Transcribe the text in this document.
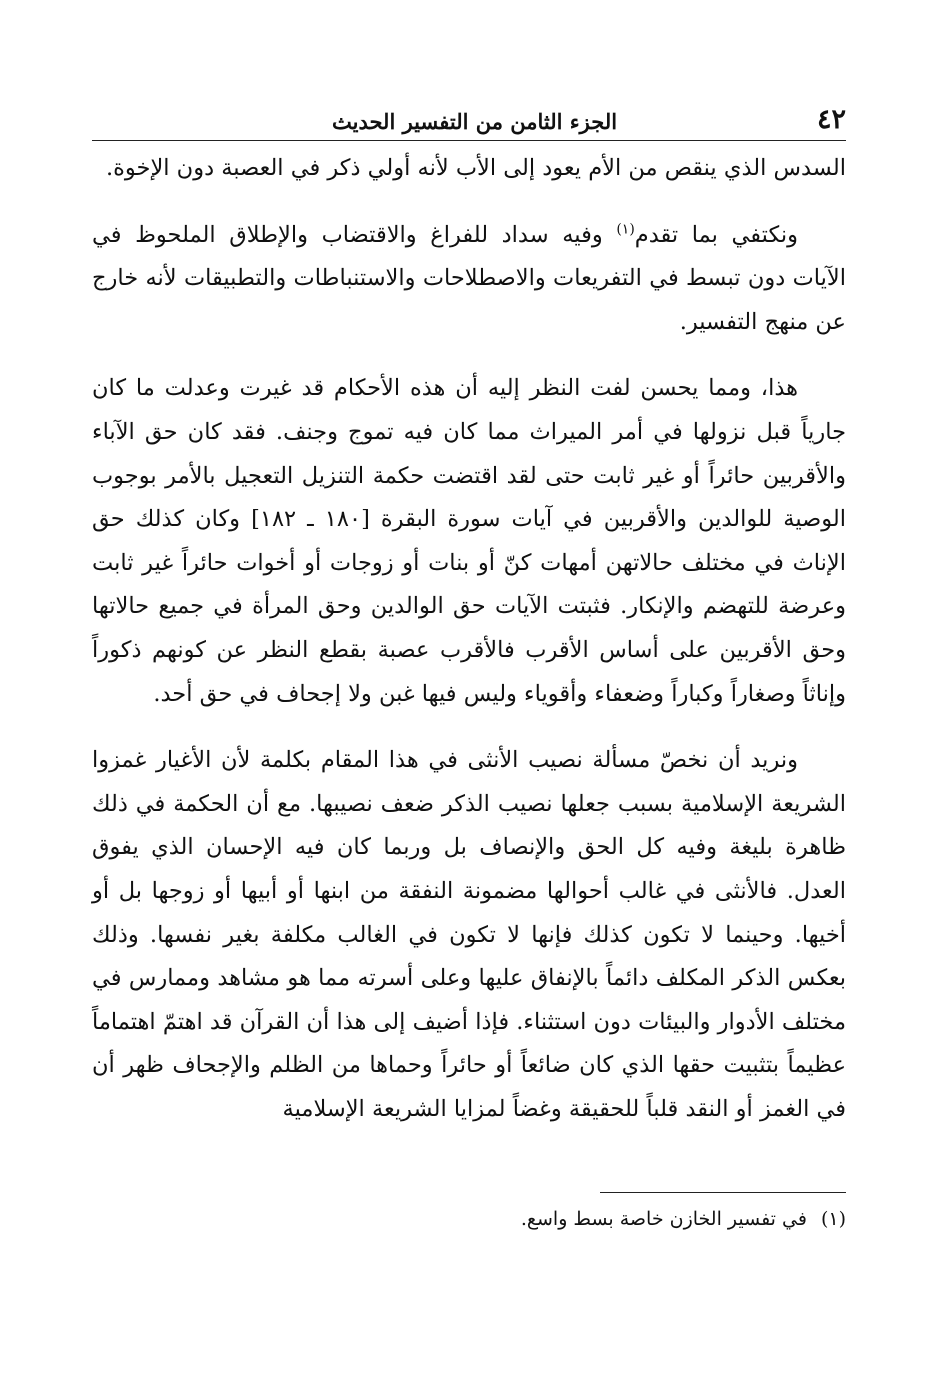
٤٢
الجزء الثامن من التفسير الحديث

السدس الذي ينقص من الأم يعود إلى الأب لأنه أولي ذكر في العصبة دون الإخوة.

ونكتفي بما تقدم$^{(١)}$ وفيه سداد للفراغ والاقتضاب والإطلاق الملحوظ في الآيات دون تبسط في التفريعات والاصطلاحات والاستنباطات والتطبيقات لأنه خارج عن منهج التفسير.

هذا، ومما يحسن لفت النظر إليه أن هذه الأحكام قد غيرت وعدلت ما كان جارياً قبل نزولها في أمر الميراث مما كان فيه تموج وجنف. فقد كان حق الآباء والأقربين حائراً أو غير ثابت حتى لقد اقتضت حكمة التنزيل التعجيل بالأمر بوجوب الوصية للوالدين والأقربين في آيات سورة البقرة [١٨٠ ـ ١٨٢] وكان كذلك حق الإناث في مختلف حالاتهن أمهات كنّ أو بنات أو زوجات أو أخوات حائراً غير ثابت وعرضة للتهضم والإنكار. فثبتت الآيات حق الوالدين وحق المرأة في جميع حالاتها وحق الأقربين على أساس الأقرب فالأقرب عصبة بقطع النظر عن كونهم ذكوراً وإناثاً وصغاراً وكباراً وضعفاء وأقوياء وليس فيها غبن ولا إجحاف في حق أحد.

ونريد أن نخصّ مسألة نصيب الأنثى في هذا المقام بكلمة لأن الأغيار غمزوا الشريعة الإسلامية بسبب جعلها نصيب الذكر ضعف نصيبها. مع أن الحكمة في ذلك ظاهرة بليغة وفيه كل الحق والإنصاف بل وربما كان فيه الإحسان الذي يفوق العدل. فالأنثى في غالب أحوالها مضمونة النفقة من ابنها أو أبيها أو زوجها بل أو أخيها. وحينما لا تكون كذلك فإنها لا تكون في الغالب مكلفة بغير نفسها. وذلك بعكس الذكر المكلف دائماً بالإنفاق عليها وعلى أسرته مما هو مشاهد وممارس في مختلف الأدوار والبيئات دون استثناء. فإذا أضيف إلى هذا أن القرآن قد اهتمّ اهتماماً عظيماً بتثبيت حقها الذي كان ضائعاً أو حائراً وحماها من الظلم والإجحاف ظهر أن في الغمز أو النقد قلباً للحقيقة وغضاً لمزايا الشريعة الإسلامية

(١)في تفسير الخازن خاصة بسط واسع.
